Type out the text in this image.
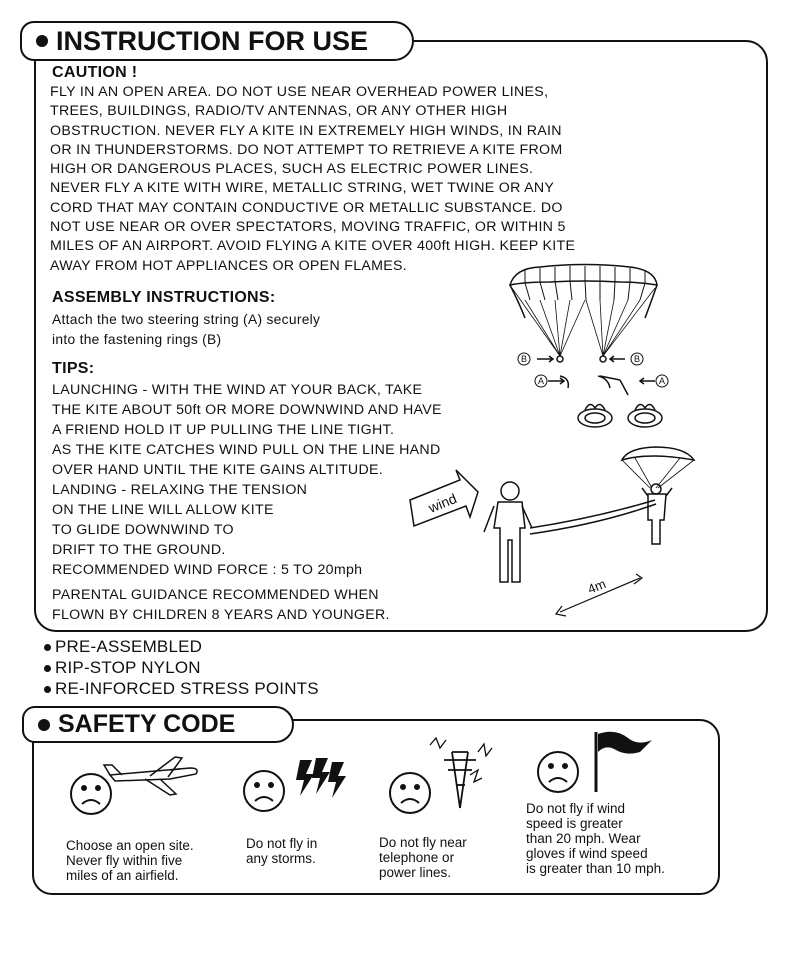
INSTRUCTION FOR USE
CAUTION !
FLY IN AN OPEN AREA. DO NOT USE NEAR OVERHEAD POWER LINES,
TREES, BUILDINGS, RADIO/TV ANTENNAS, OR ANY OTHER HIGH
OBSTRUCTION. NEVER FLY A KITE IN EXTREMELY HIGH WINDS, IN RAIN
OR IN THUNDERSTORMS. DO NOT ATTEMPT TO RETRIEVE A KITE FROM
HIGH OR DANGEROUS PLACES, SUCH AS ELECTRIC POWER LINES.
NEVER FLY A KITE WITH WIRE, METALLIC STRING, WET TWINE OR ANY
CORD THAT MAY CONTAIN CONDUCTIVE OR METALLIC SUBSTANCE. DO
NOT USE NEAR OR OVER SPECTATORS, MOVING TRAFFIC, OR WITHIN 5
MILES OF AN AIRPORT. AVOID FLYING A KITE OVER 400ft HIGH. KEEP KITE
AWAY FROM HOT APPLIANCES OR OPEN FLAMES.
ASSEMBLY INSTRUCTIONS:
Attach the two steering string (A) securely
into the fastening rings (B)
TIPS:
LAUNCHING - WITH THE WIND AT YOUR BACK, TAKE
THE KITE ABOUT 50ft OR MORE DOWNWIND AND HAVE
A FRIEND HOLD IT UP PULLING THE LINE TIGHT.
AS THE KITE CATCHES WIND PULL ON THE LINE HAND
OVER HAND UNTIL THE KITE GAINS ALTITUDE.
LANDING - RELAXING THE TENSION
ON THE LINE WILL ALLOW KITE
TO GLIDE DOWNWIND TO
DRIFT TO THE GROUND.
RECOMMENDED WIND FORCE : 5 TO 20mph
PARENTAL GUIDANCE RECOMMENDED WHEN
FLOWN BY CHILDREN 8 YEARS AND YOUNGER.
B	B
A	A
wind
4m
PRE-ASSEMBLED
RIP-STOP NYLON
RE-INFORCED STRESS POINTS
SAFETY CODE
Choose an open site.
Never fly within five
miles of an airfield.
Do not fly in
any storms.
Do not fly near
telephone or
power lines.
Do not fly if wind
speed is greater
than 20 mph. Wear
gloves if wind speed
is greater than 10 mph.
